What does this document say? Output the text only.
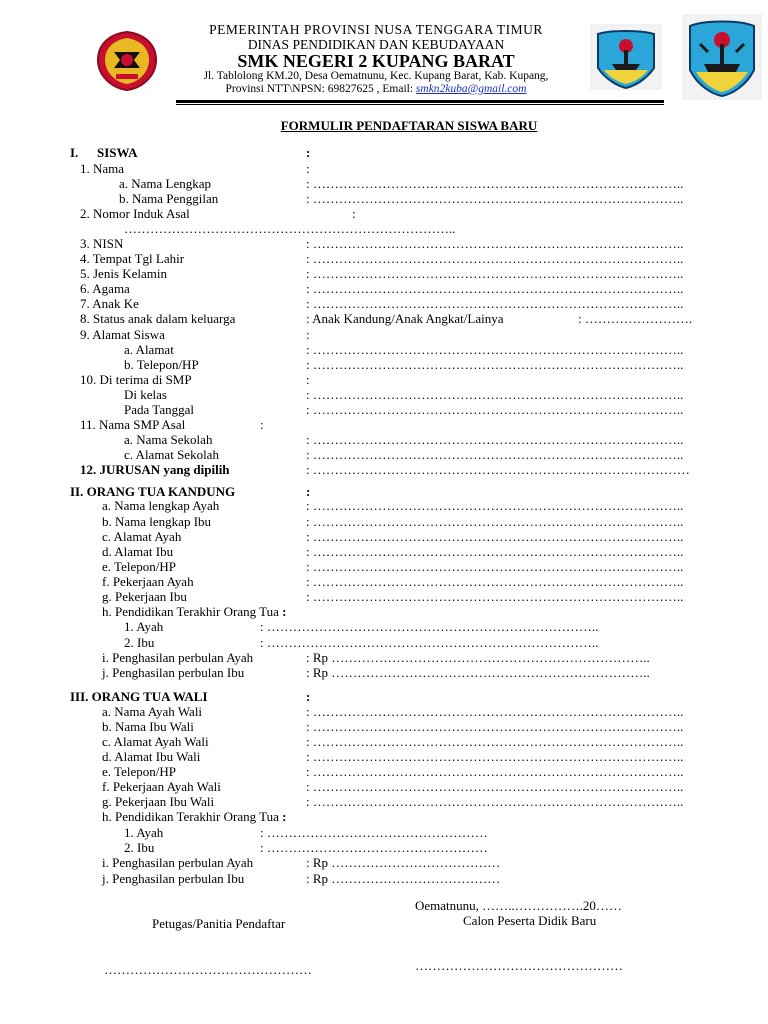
PEMERINTAH PROVINSI NUSA TENGGARA TIMUR
DINAS PENDIDIKAN DAN KEBUDAYAAN
SMK NEGERI 2 KUPANG BARAT
Jl. Tablolong KM.20, Desa Oematnunu, Kec. Kupang Barat, Kab. Kupang,
Provinsi NTT\NPSN: 69827625 , Email: smkn2kuba@gmail.com
FORMULIR PENDAFTARAN SISWA BARU
I. SISWA	:
1. Nama	:
a. Nama Lengkap	: …………………………………………………………………………..
b. Nama Penggilan	: …………………………………………………………………………..
2. Nomor Induk Asal	:
…………………………………………………………………..
3. NISN	: …………………………………………………………………………..
4. Tempat Tgl Lahir	: …………………………………………………………………………..
5. Jenis Kelamin	: …………………………………………………………………………..
6. Agama	: …………………………………………………………………………..
7. Anak Ke	: …………………………………………………………………………..
8. Status anak dalam keluarga	: Anak Kandung/Anak Angkat/Lainya	: …………………….
9. Alamat Siswa	:
a. Alamat	: …………………………………………………………………………..
b. Telepon/HP	: …………………………………………………………………………..
10. Di terima di SMP	:
Di kelas	: …………………………………………………………………………..
Pada Tanggal	: …………………………………………………………………………..
11. Nama SMP Asal	:
a. Nama Sekolah	: …………………………………………………………………………..
c. Alamat Sekolah	: …………………………………………………………………………..
12. JURUSAN yang dipilih	: ……………………………………………………………………………
II. ORANG TUA KANDUNG	:
a. Nama lengkap Ayah	: …………………………………………………………………………..
b. Nama lengkap Ibu	: …………………………………………………………………………..
c. Alamat Ayah	: …………………………………………………………………………..
d. Alamat Ibu	: …………………………………………………………………………..
e. Telepon/HP	: …………………………………………………………………………..
f. Pekerjaan Ayah	: …………………………………………………………………………..
g. Pekerjaan Ibu	: …………………………………………………………………………..
h. Pendidikan Terakhir Orang Tua :
1. Ayah	: …………………………………………………………………..
2. Ibu	: …………………………………………………………………..
i. Penghasilan perbulan Ayah	: Rp ………………………………………………………………..
j. Penghasilan perbulan Ibu	: Rp ………………………………………………………………..
III. ORANG TUA WALI	:
a. Nama Ayah Wali	: …………………………………………………………………………..
b. Nama Ibu Wali	: …………………………………………………………………………..
c. Alamat Ayah Wali	: …………………………………………………………………………..
d. Alamat Ibu Wali	: …………………………………………………………………………..
e. Telepon/HP	: …………………………………………………………………………..
f. Pekerjaan Ayah Wali	: …………………………………………………………………………..
g. Pekerjaan Ibu Wali	: …………………………………………………………………………..
h. Pendidikan Terakhir Orang Tua :
1. Ayah	: ……………………………………………
2. Ibu	: ……………………………………………
i. Penghasilan perbulan Ayah	: Rp …………………………………
j. Penghasilan perbulan Ibu	: Rp …………………………………
Oematnunu, ……..…………….20……
Petugas/Panitia Pendaftar	Calon Peserta Didik Baru
…………………………………………	…………………………………………
